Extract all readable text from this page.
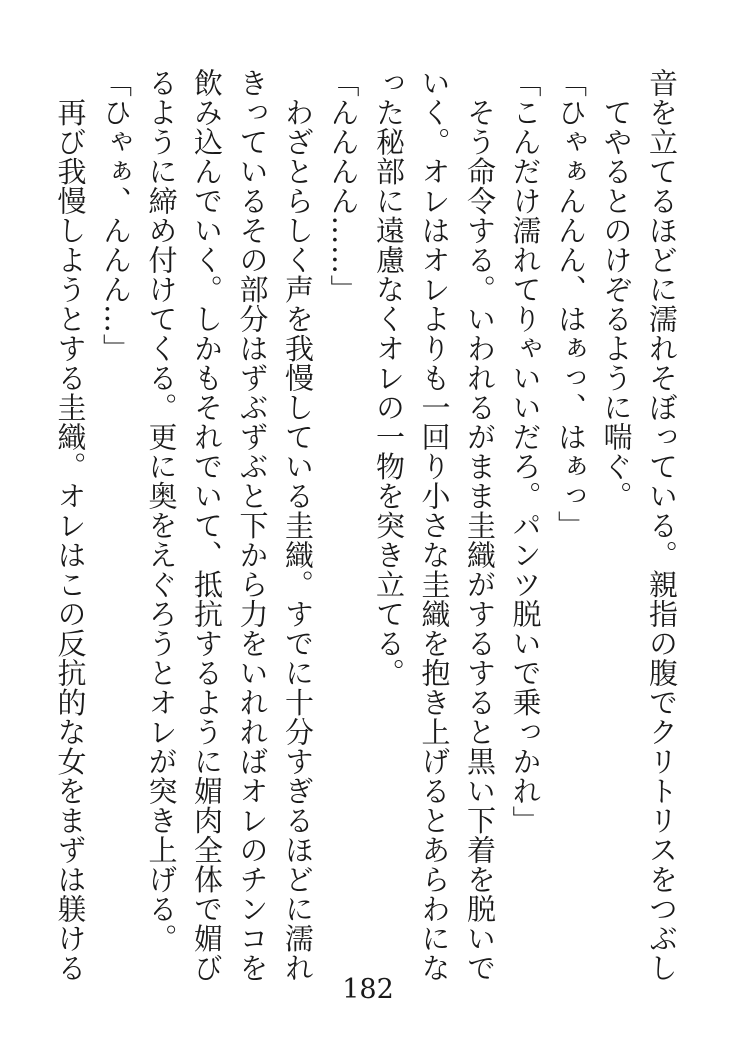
音を立てるほどに濡れそぼっている。親指の腹でクリトリスをつぶし
　てやるとのけぞるように喘ぐ。
「ひゃぁんんん、はぁっ、はぁっ」
「こんだけ濡れてりゃいいだろ。パンツ脱いで乗っかれ」
　そう命令する。いわれるがまま圭織がするすると黒い下着を脱いで
いく。オレはオレよりも一回り小さな圭織を抱き上げるとあらわにな
った秘部に遠慮なくオレの一物を突き立てる。
「んんんん……」
　わざとらしく声を我慢している圭織。すでに十分すぎるほどに濡れ
きっているその部分はずぶずぶと下から力をいれればオレのチンコを
飲み込んでいく。しかもそれでいて、抵抗するように媚肉全体で媚び
るように締め付けてくる。更に奥をえぐろうとオレが突き上げる。
「ひゃぁ、んんん…」
　再び我慢しようとする圭織。オレはこの反抗的な女をまずは躾ける
182
